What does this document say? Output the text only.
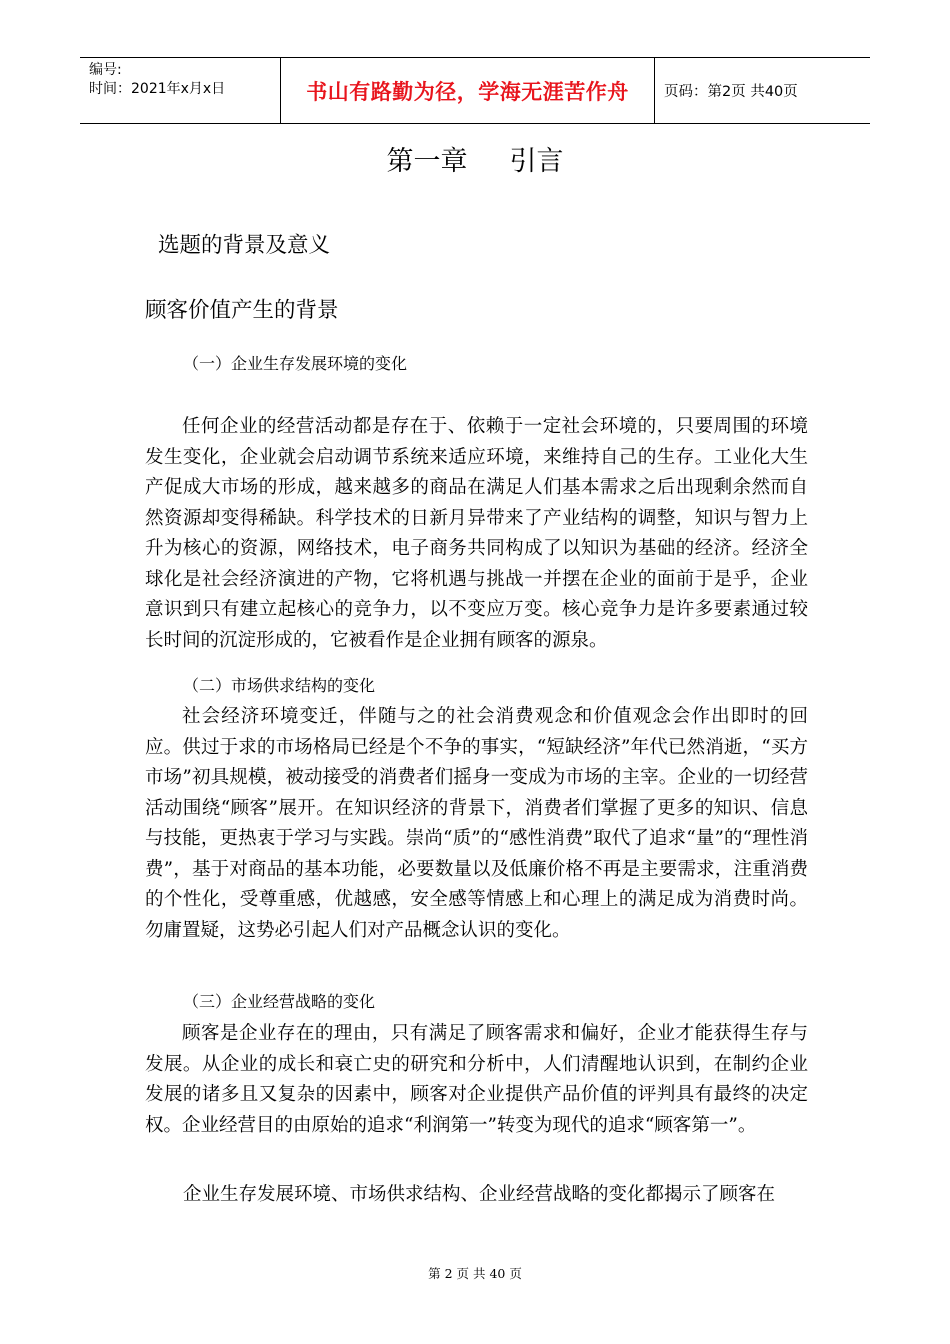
编号:
时间：2021年x月x日	书山有路勤为径，学海无涯苦作舟 页码：第2页 共40页
第一章 引言
选题的背景及意义
顾客价值产生的背景
（一）企业生存发展环境的变化

任何企业的经营活动都是存在于、依赖于一定社会环境的，只要周围的环境发生变化，企业就会启动调节系统来适应环境，来维持自己的生存。工业化大生产促成大市场的形成，越来越多的商品在满足人们基本需求之后出现剩余然而自然资源却变得稀缺。科学技术的日新月异带来了产业结构的调整，知识与智力上升为核心的资源，网络技术，电子商务共同构成了以知识为基础的经济。经济全球化是社会经济演进的产物，它将机遇与挑战一并摆在企业的面前于是乎，企业意识到只有建立起核心的竞争力，以不变应万变。核心竞争力是许多要素通过较长时间的沉淀形成的，它被看作是企业拥有顾客的源泉。

（二）市场供求结构的变化

社会经济环境变迁，伴随与之的社会消费观念和价值观念会作出即时的回应。供过于求的市场格局已经是个不争的事实，“短缺经济”年代已然消逝，“买方市场”初具规模，被动接受的消费者们摇身一变成为市场的主宰。企业的一切经营活动围绕“顾客”展开。在知识经济的背景下，消费者们掌握了更多的知识、信息与技能，更热衷于学习与实践。崇尚“质”的“感性消费”取代了追求“量”的“理性消费”，基于对商品的基本功能，必要数量以及低廉价格不再是主要需求，注重消费的个性化，受尊重感，优越感，安全感等情感上和心理上的满足成为消费时尚。勿庸置疑，这势必引起人们对产品概念认识的变化。

（三）企业经营战略的变化

顾客是企业存在的理由，只有满足了顾客需求和偏好，企业才能获得生存与发展。从企业的成长和衰亡史的研究和分析中，人们清醒地认识到，在制约企业发展的诸多且又复杂的因素中，顾客对企业提供产品价值的评判具有最终的决定权。企业经营目的由原始的追求“利润第一”转变为现代的追求“顾客第一”。

企业生存发展环境、市场供求结构、企业经营战略的变化都揭示了顾客在

第 2 页 共 40 页
